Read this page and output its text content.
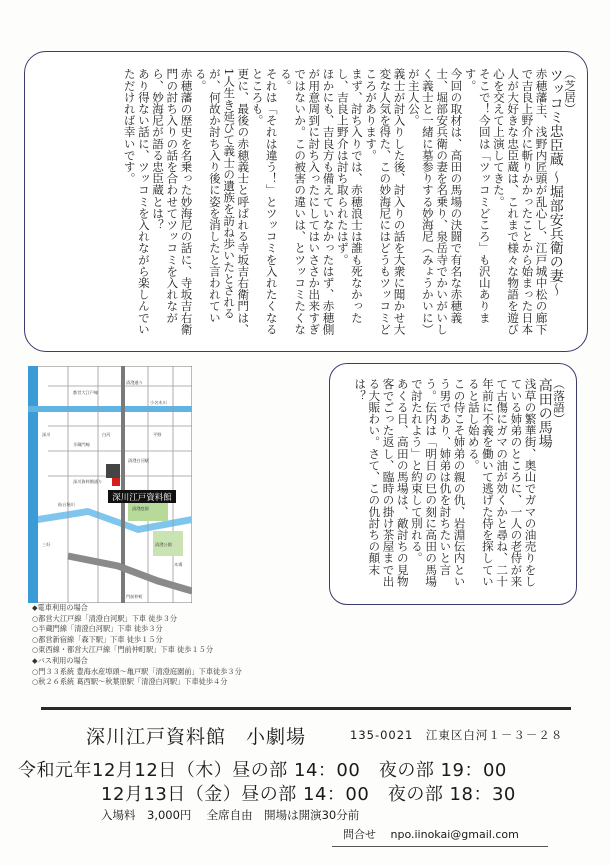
（芝居）

ツッコミ忠臣蔵 〜堀部安兵衛の妻〜

赤穂藩主、浅野内匠頭が乱心し、江戸城中松の廊下で吉良上野介に斬りかかったことから始まった日本人が大好きな忠臣蔵は、これまで様々な物語を遊び心を交えて上演してきた。

そこで！今回は「ツッコミどころ」も沢山あります。

今回の取材は、高田の馬場の決闘で有名な赤穂義士、堀部安兵衛の妻を名乗り、泉岳寺でかいがいしく義士と一緒に墓参りする妙海尼（みょうかいに）が主人公。

義士が討入りした後、討入りの話を大衆に聞かせ大変な人気を得た、この妙海尼にはどうもツッコミどころがあります。

まず、討ち入りでは、赤穂浪士は誰も死なかったし、吉良上野介は討ち取られたはず。

ほかにも、吉良方も備えていなかったはず、赤穂側が用意周到に討ち入ったにしてはいささか出来すぎではないか。この被害の違いは、とツッコミたくなる。

それは「それは違う！」とツッコミを入れたくなるところも。

更に、最後の赤穂義士と呼ばれる寺坂吉右衛門は、1人生き延びて義士の遺族を訪ね歩いたとされるが、何故か討ち入り後に姿を消したと言われている。

赤穂藩の歴史を名乗った妙海尼の話に、寺坂吉右衛門の討ち入りの話を合わせてツッコミを入れながら、妙海尼が語る忠臣蔵とは？

あり得ない話に、ツッコミを入れながら楽しんでいただければ幸いです。

（落語）

高田の馬場

浅草の繁華街、奥山でガマの油売りをしている姉弟のところに、一人の老侍が来て古傷にガマの油が効くかと尋ね、二十年前に不義を働いて逃げた侍を探していると話し始める。

この侍こそ姉弟の親の仇、岩淵伝内という男であり、姉弟は仇を討ちたいと言う。伝内は「明日の巳の刻に高田の馬場で討たれよう」と約束して別れる。

あくる日、高田の馬場は、敵討ちの見物客でごった返し、臨時の掛け茶屋まで出る大賑わい。さて、この仇討ちの顛末は？

深川江戸資料館
清澄白河駅
清澄庭園
深川
都営大江戸線
半蔵門線
清澄通り
清澄公園
深川資料館通り
門前仲町
小名木川
仙台堀川
木場
平野
白河
三好
◆電車利用の場合
○都営大江戸線「清澄白河駅」下車 徒歩３分
○半蔵門線「清澄白河駅」下車 徒歩３分
○都営新宿線「森下駅」下車 徒歩１５分
○東西線・都営大江戸線「門前仲町駅」下車 徒歩１５分
◆バス利用の場合
○門３３系統 豊海水産埠頭〜亀戸駅「清澄庭園前」下車徒歩３分
○秋２６系統 葛西駅〜秋葉原駅「清澄白河駅」下車徒歩４分
深川江戸資料館　小劇場	135-0021　江東区白河１－３－２８
令和元年12月12日（木）昼の部 14：00　夜の部 19：00
12月13日（金）昼の部 14：00　夜の部 18：30
入場料　3,000円　 全席自由　開場は開演30分前
問合せ　 npo.iinokai@gmail.com
